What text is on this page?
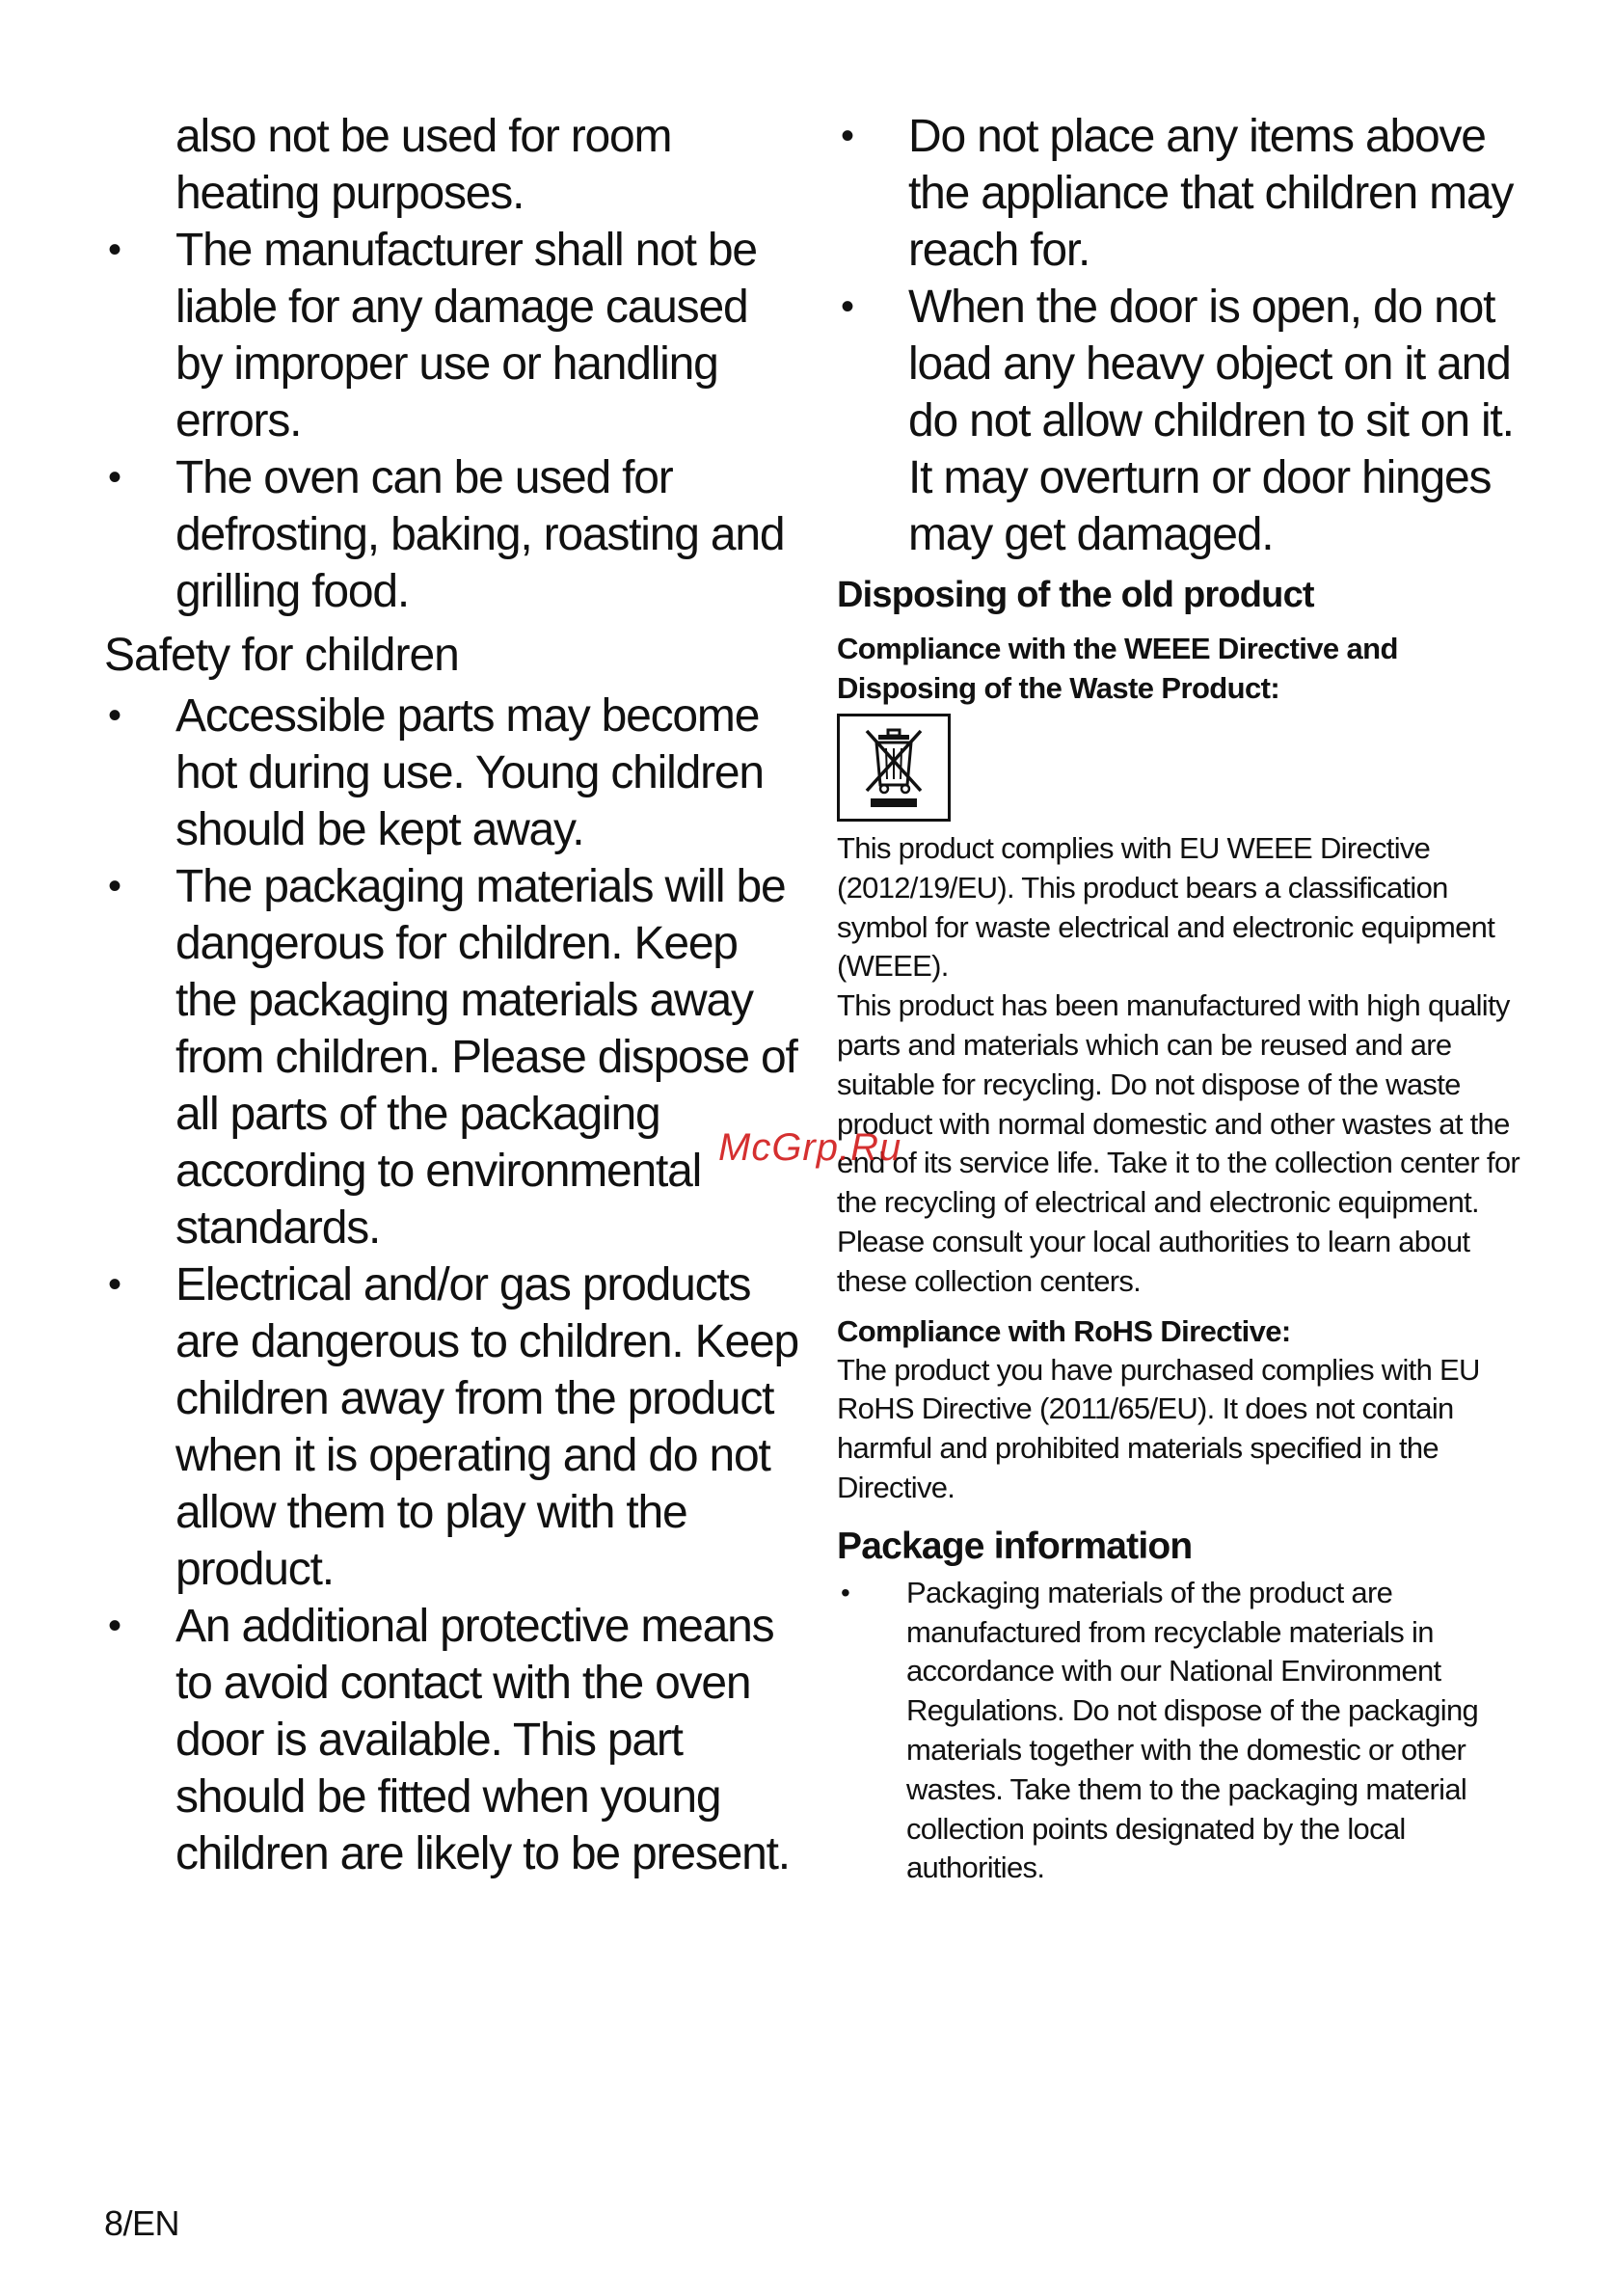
also not be used for room heating purposes.

• The manufacturer shall not be liable for any damage caused by improper use or handling errors.
• The oven can be used for defrosting, baking, roasting and grilling food.
Safety for children
• Accessible parts may become hot during use. Young children should be kept away.
• The packaging materials will be dangerous for children. Keep the packaging materials away from children. Please dispose of all parts of the packaging according to environmental standards.
• Electrical and/or gas products are dangerous to children. Keep children away from the product when it is operating and do not allow them to play with the product.
• An additional protective means to avoid contact with the oven door is available. This part should be fitted when young children are likely to be present.
• Do not place any items above the appliance that children may reach for.
• When the door is open, do not load any heavy object on it and do not allow children to sit on it. It may overturn or door hinges may get damaged.
Disposing of the old product
Compliance with the WEEE Directive and Disposing of the Waste Product:

This product complies with EU WEEE Directive (2012/19/EU). This product bears a classification symbol for waste electrical and electronic equipment (WEEE).

This product has been manufactured with high quality parts and materials which can be reused and are suitable for recycling. Do not dispose of the waste product with normal domestic and other wastes at the end of its service life. Take it to the collection center for the recycling of electrical and electronic equipment. Please consult your local authorities to learn about these collection centers.

Compliance with RoHS Directive:

The product you have purchased complies with EU RoHS Directive (2011/65/EU). It does not contain harmful and prohibited materials specified in the Directive.

Package information
• Packaging materials of the product are manufactured from recyclable materials in accordance with our National Environment Regulations. Do not dispose of the packaging materials together with the domestic or other wastes. Take them to the packaging material collection points designated by the local authorities.
McGrp.Ru
8/EN
